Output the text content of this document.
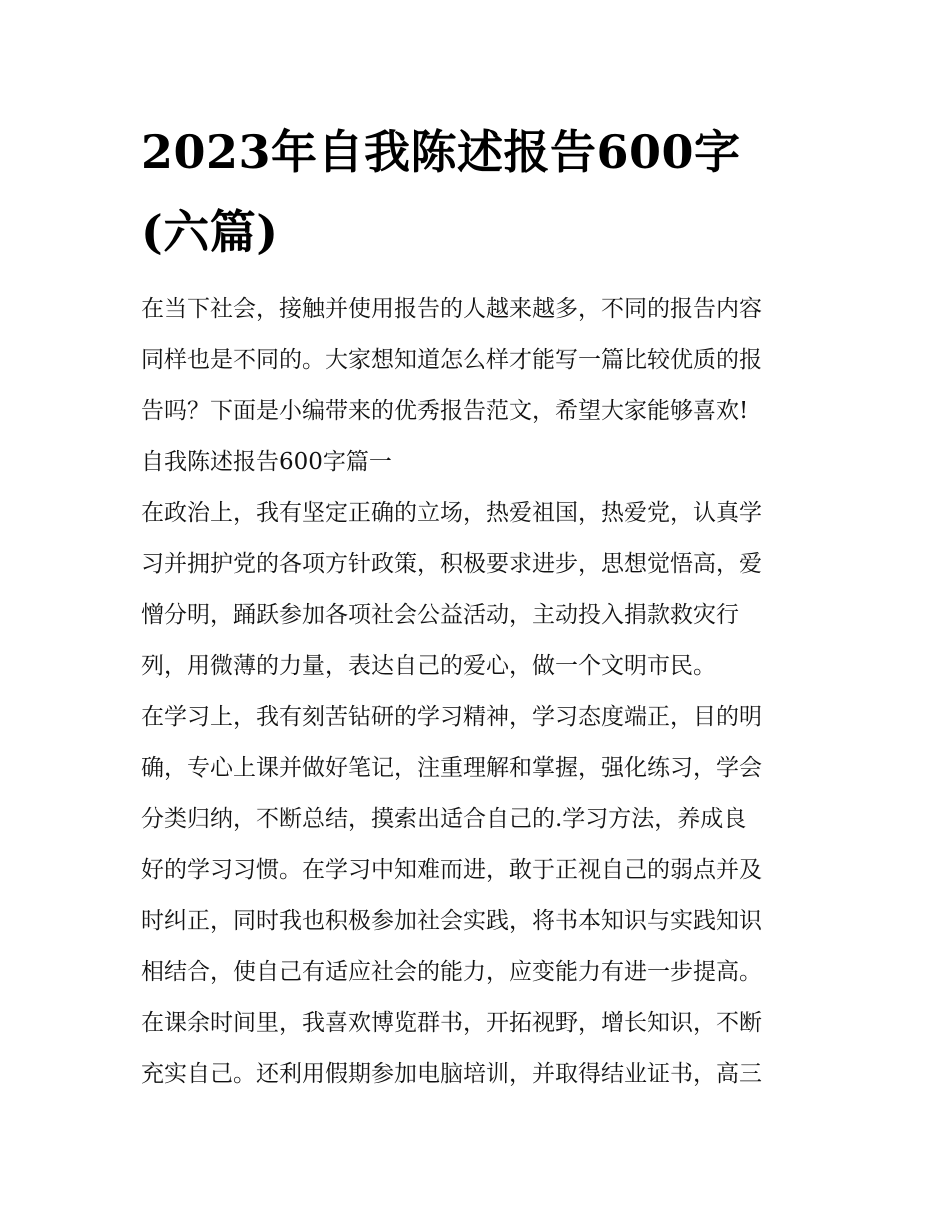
2023年自我陈述报告600字
(六篇)

在当下社会，接触并使用报告的人越来越多，不同的报告内容
同样也是不同的。大家想知道怎么样才能写一篇比较优质的报
告吗？下面是小编带来的优秀报告范文，希望大家能够喜欢!

自我陈述报告600字篇一

在政治上，我有坚定正确的立场，热爱祖国，热爱党，认真学
习并拥护党的各项方针政策，积极要求进步，思想觉悟高，爱
憎分明，踊跃参加各项社会公益活动，主动投入捐款救灾行
列，用微薄的力量，表达自己的爱心，做一个文明市民。

在学习上，我有刻苦钻研的学习精神，学习态度端正，目的明
确，专心上课并做好笔记，注重理解和掌握，强化练习，学会
分类归纳，不断总结，摸索出适合自己的.学习方法，养成良
好的学习习惯。在学习中知难而进，敢于正视自己的弱点并及
时纠正，同时我也积极参加社会实践，将书本知识与实践知识
相结合，使自己有适应社会的能力，应变能力有进一步提高。

在课余时间里，我喜欢博览群书，开拓视野，增长知识，不断
充实自己。还利用假期参加电脑培训，并取得结业证书，高三
